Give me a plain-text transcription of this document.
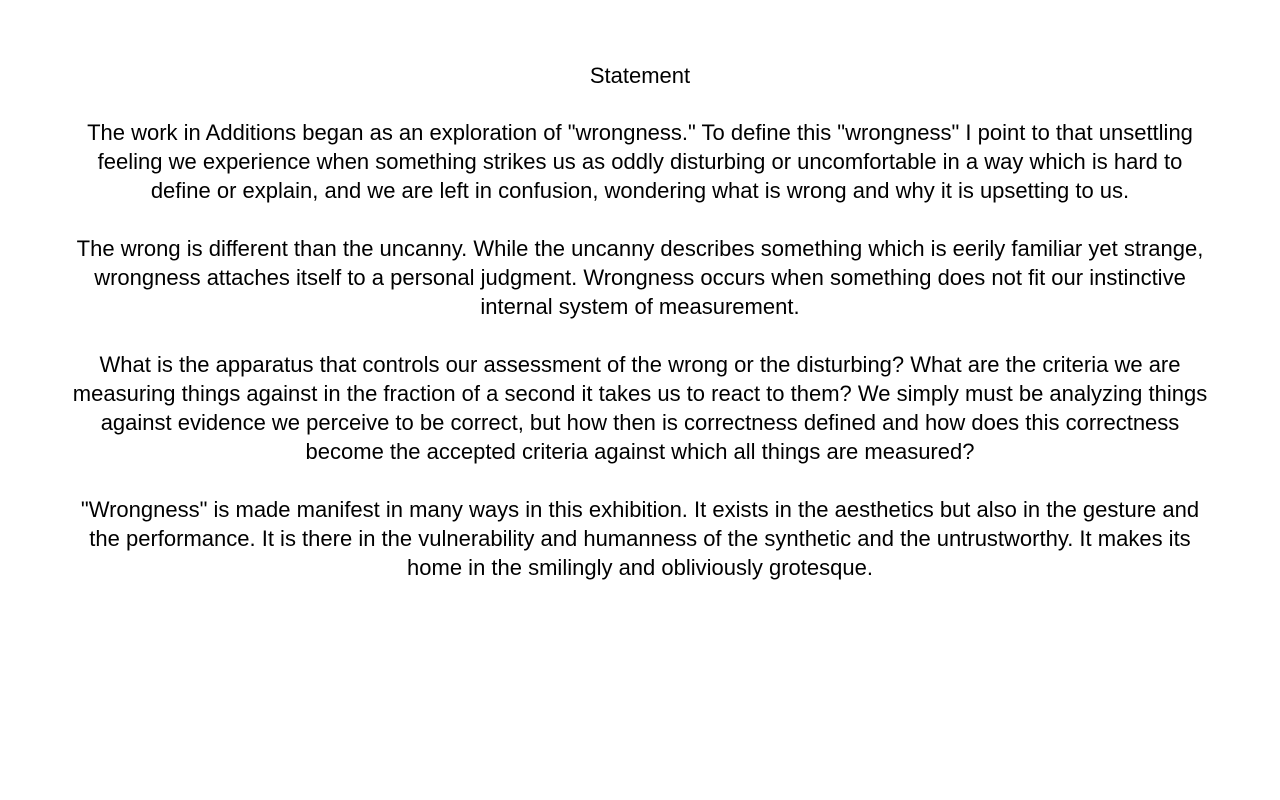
Statement

The work in Additions began as an exploration of "wrongness." To define this "wrongness" I point to that unsettling
feeling we experience when something strikes us as oddly disturbing or uncomfortable in a way which is hard to
define or explain, and we are left in confusion, wondering what is wrong and why it is upsetting to us.

The wrong is different than the uncanny. While the uncanny describes something which is eerily familiar yet strange,
wrongness attaches itself to a personal judgment. Wrongness occurs when something does not fit our instinctive
internal system of measurement.

What is the apparatus that controls our assessment of the wrong or the disturbing? What are the criteria we are
measuring things against in the fraction of a second it takes us to react to them? We simply must be analyzing things
against evidence we perceive to be correct, but how then is correctness defined and how does this correctness
become the accepted criteria against which all things are measured?

"Wrongness" is made manifest in many ways in this exhibition. It exists in the aesthetics but also in the gesture and
the performance. It is there in the vulnerability and humanness of the synthetic and the untrustworthy. It makes its
home in the smilingly and obliviously grotesque.
